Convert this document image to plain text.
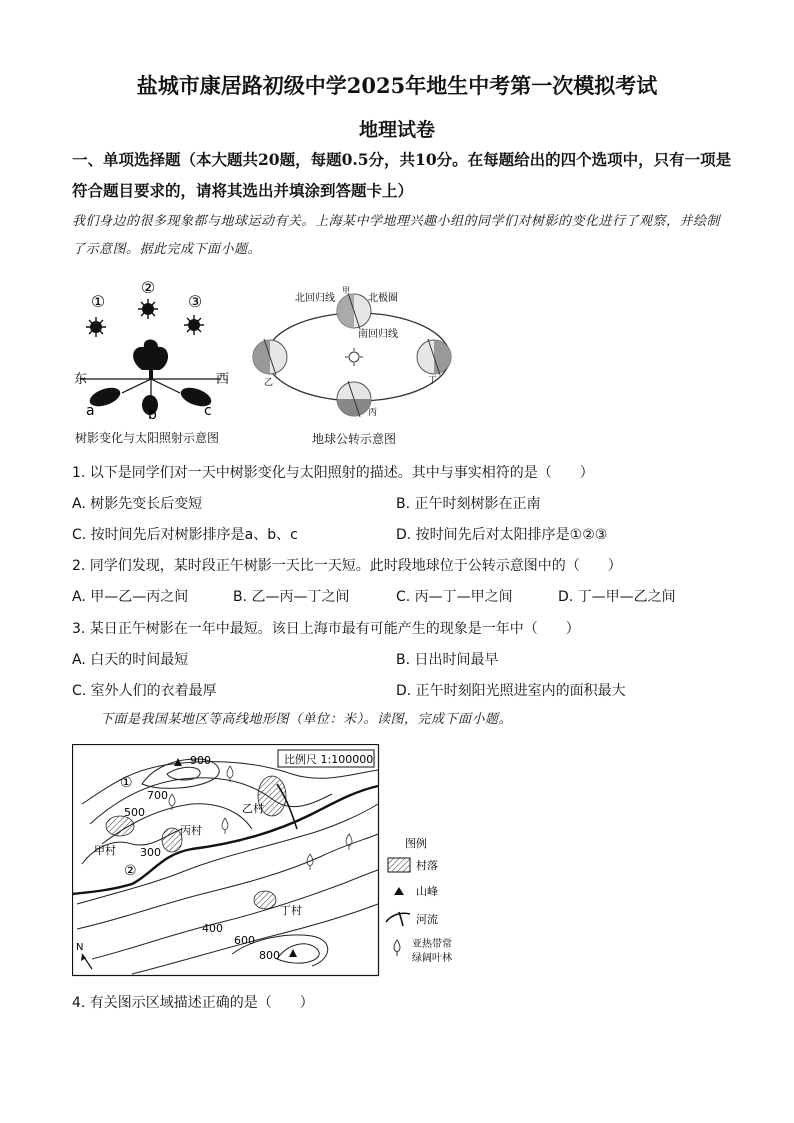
盐城市康居路初级中学2025年地生中考第一次模拟考试
地理试卷
一、单项选择题（本大题共20题，每题0.5分，共10分。在每题给出的四个选项中，只有一项是符合题目要求的，请将其选出并填涂到答题卡上）
我们身边的很多现象都与地球运动有关。上海某中学地理兴趣小组的同学们对树影的变化进行了观察，并绘制了示意图。据此完成下面小题。
①
②
③
东	西
a	b	c
树影变化与太阳照射示意图
北回归线	北极圈
甲
南回归线
乙
丙
丁
地球公转示意图
1. 以下是同学们对一天中树影变化与太阳照射的描述。其中与事实相符的是（　　）
A. 树影先变长后变短	B. 正午时刻树影在正南
C. 按时间先后对树影排序是a、b、c	D. 按时间先后对太阳排序是①②③
2. 同学们发现，某时段正午树影一天比一天短。此时段地球位于公转示意图中的（　　）
A. 甲—乙—丙之间	B. 乙—丙—丁之间	C. 丙—丁—甲之间	D. 丁—甲—乙之间
3. 某日正午树影在一年中最短。该日上海市最有可能产生的现象是一年中（　　）
A. 白天的时间最短	B. 日出时间最早
C. 室外人们的衣着最厚	D. 正午时刻阳光照进室内的面积最大
下面是我国某地区等高线地形图（单位：米）。读图，完成下面小题。
比例尺 1:100000
900
700
500
300
400
600
800
甲村
乙村
丙村
丁村
①
②
N
图例
村落
山峰
河流
亚热带常
绿阔叶林
4. 有关图示区域描述正确的是（　　）
